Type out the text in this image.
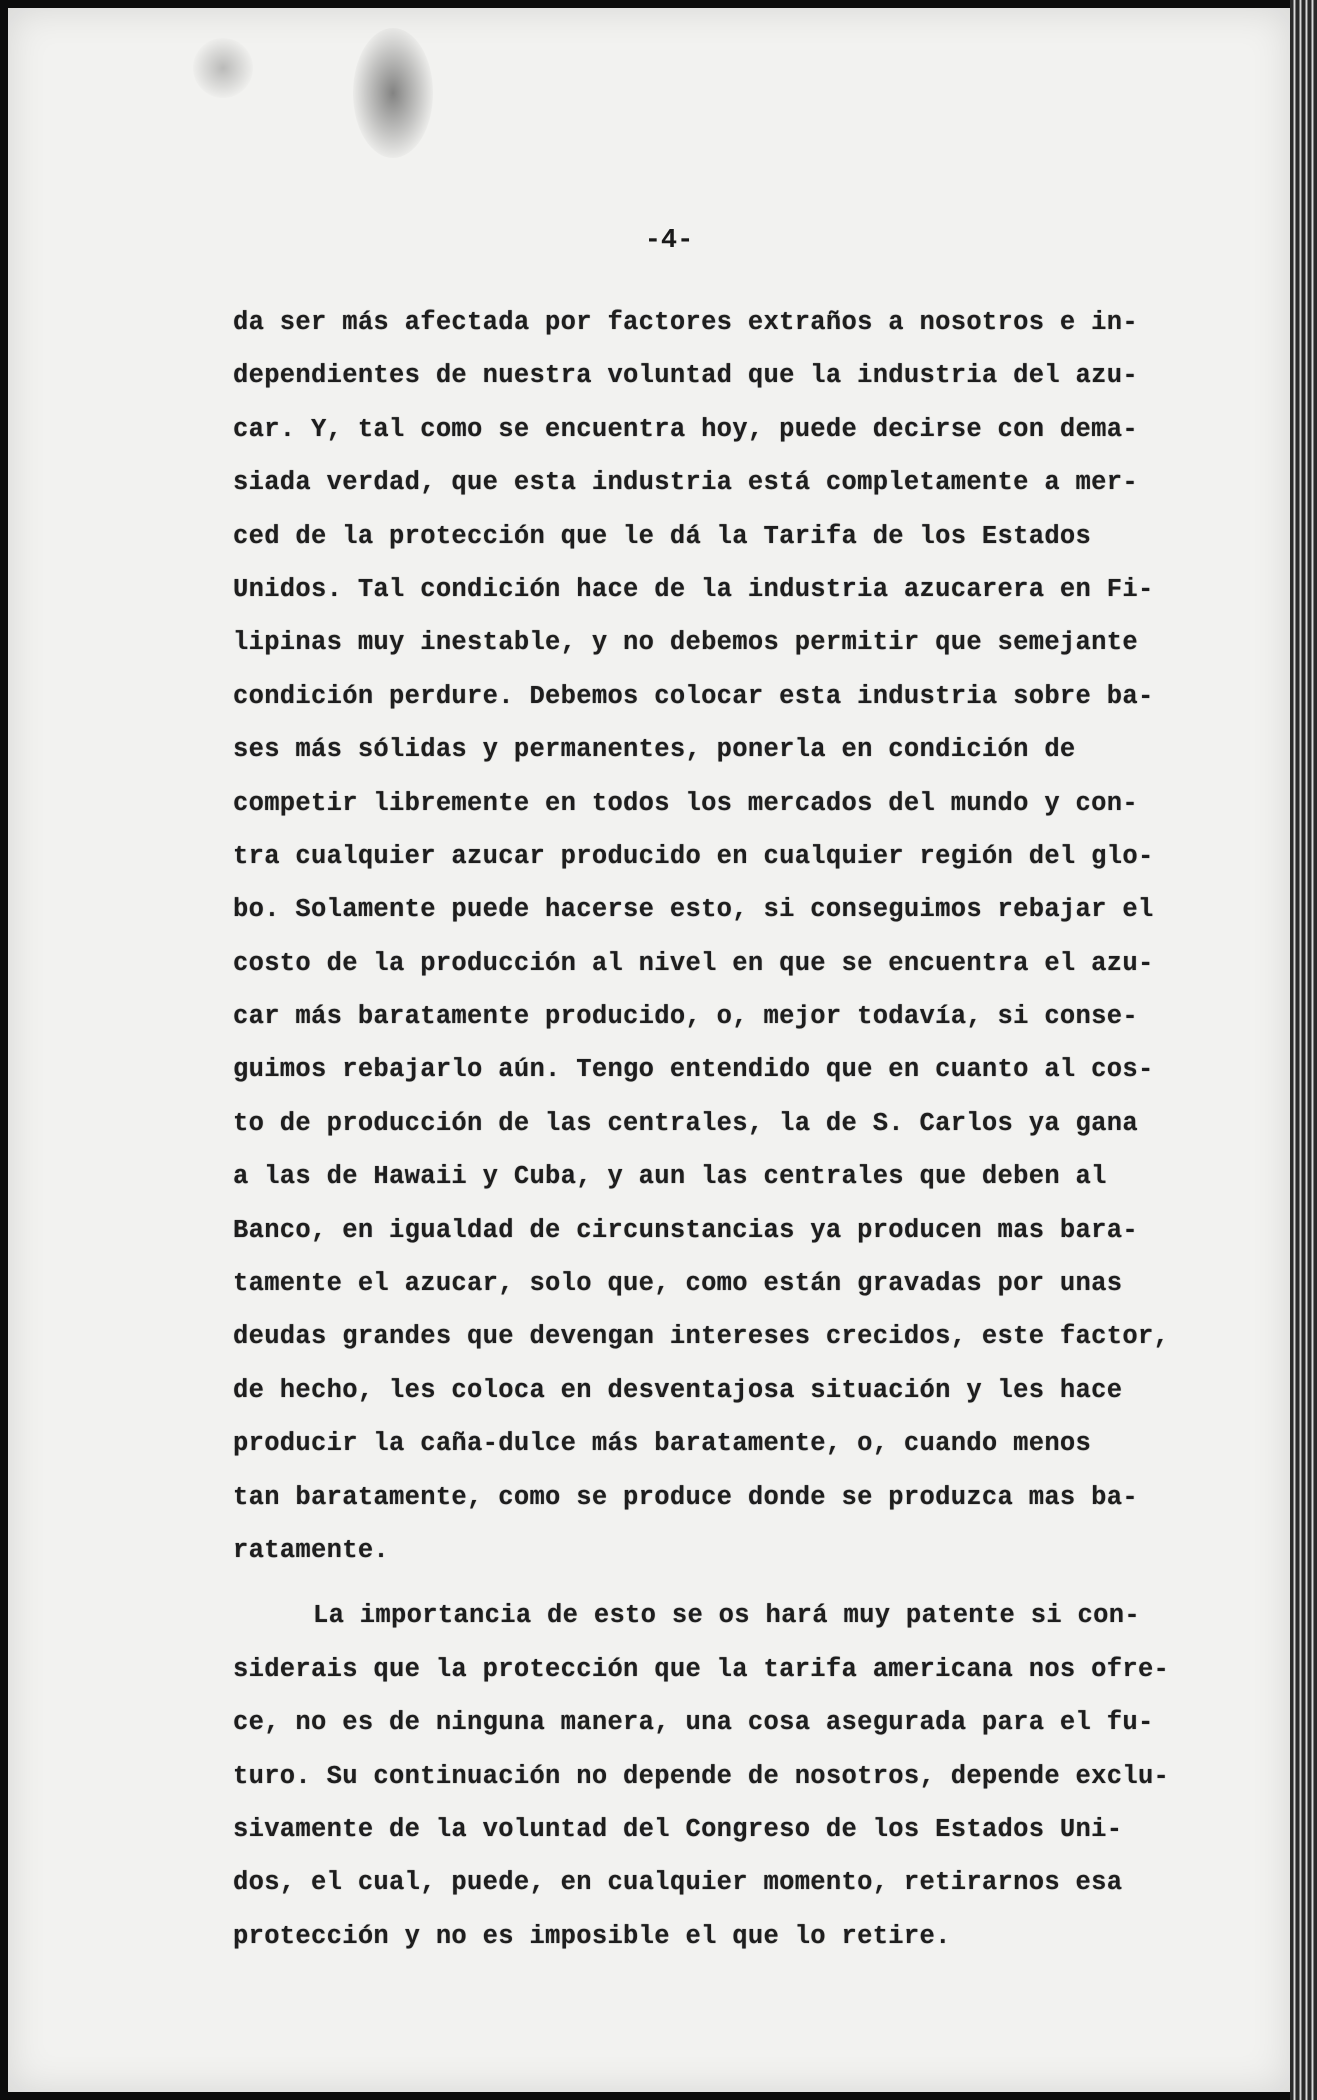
-4-
da ser más afectada por factores extraños a nosotros e in-
dependientes de nuestra voluntad que la industria del azu-
car. Y, tal como se encuentra hoy, puede decirse con dema-
siada verdad, que esta industria está completamente a mer-
ced de la protección que le dá la Tarifa de los Estados
Unidos. Tal condición hace de la industria azucarera en Fi-
lipinas muy inestable, y no debemos permitir que semejante
condición perdure. Debemos colocar esta industria sobre ba-
ses más sólidas y permanentes, ponerla en condición de
competir libremente en todos los mercados del mundo y con-
tra cualquier azucar producido en cualquier región del glo-
bo. Solamente puede hacerse esto, si conseguimos rebajar el
costo de la producción al nivel en que se encuentra el azu-
car más baratamente producido, o, mejor todavía, si conse-
guimos rebajarlo aún. Tengo entendido que en cuanto al cos-
to de producción de las centrales, la de S. Carlos ya gana
a las de Hawaii y Cuba, y aun las centrales que deben al
Banco, en igualdad de circunstancias ya producen mas bara-
tamente el azucar, solo que, como están gravadas por unas
deudas grandes que devengan intereses crecidos, este factor,
de hecho, les coloca en desventajosa situación y les hace
producir la caña-dulce más baratamente, o, cuando menos
tan baratamente, como se produce donde se produzca mas ba-
ratamente.
La importancia de esto se os hará muy patente si con-
siderais que la protección que la tarifa americana nos ofre-
ce, no es de ninguna manera, una cosa asegurada para el fu-
turo. Su continuación no depende de nosotros, depende exclu-
sivamente de la voluntad del Congreso de los Estados Uni-
dos, el cual, puede, en cualquier momento, retirarnos esa
protección y no es imposible el que lo retire.
